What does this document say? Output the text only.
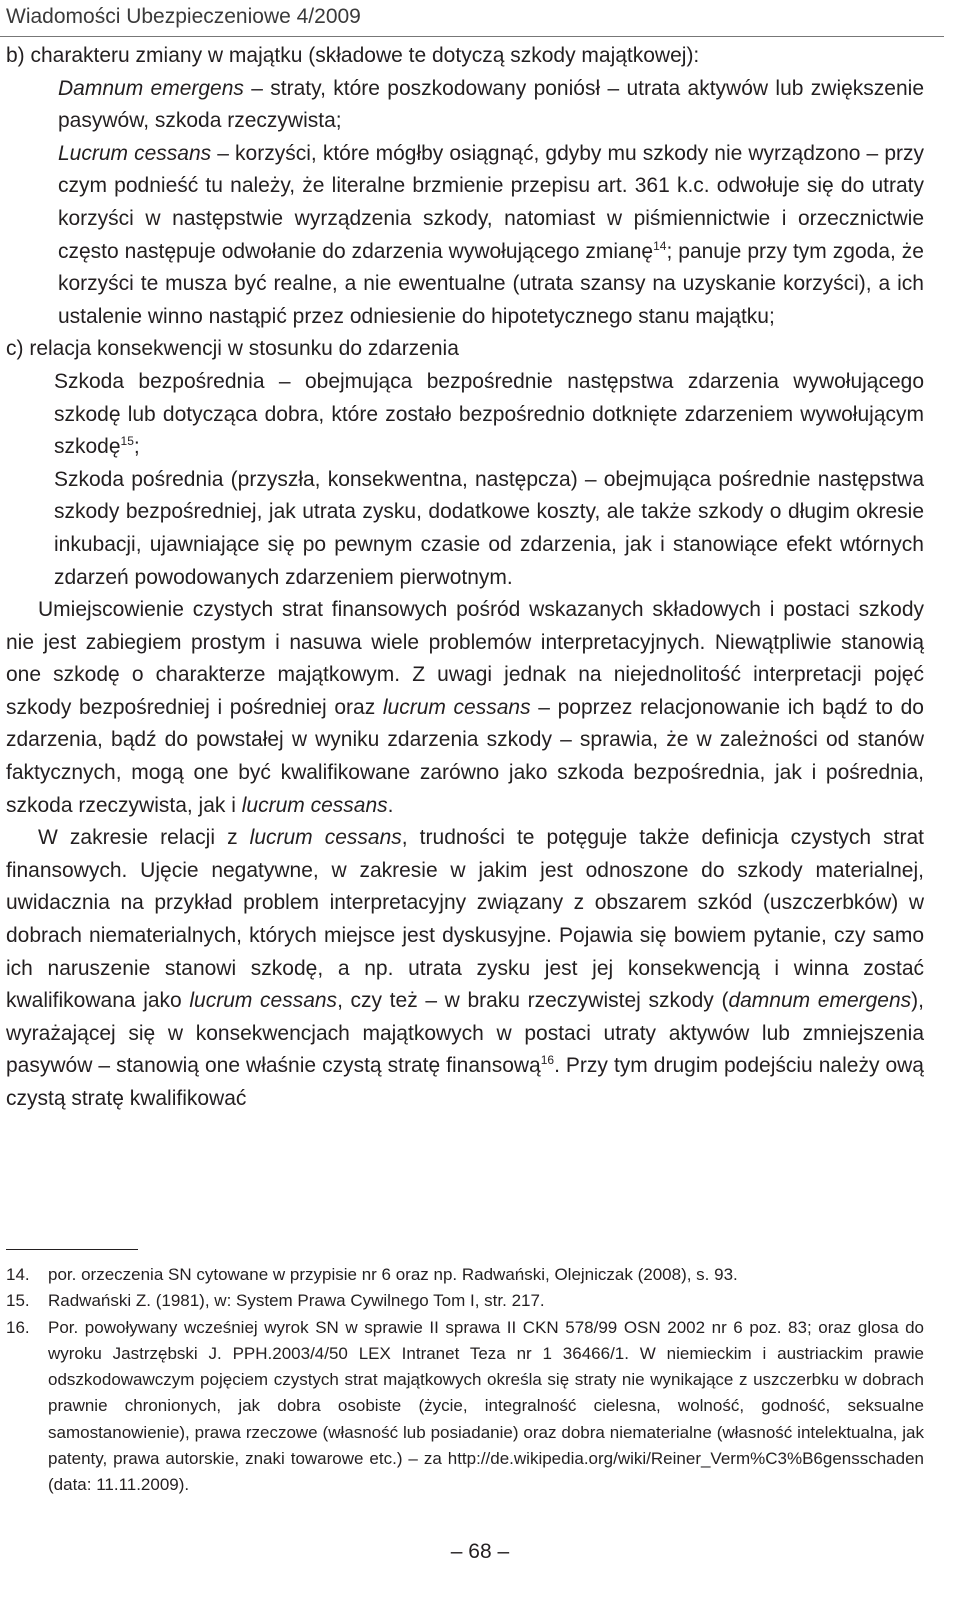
Wiadomości Ubezpieczeniowe 4/2009

b) charakteru zmiany w majątku (składowe te dotyczą szkody majątkowej):

Damnum emergens – straty, które poszkodowany poniósł – utrata aktywów lub zwiększenie pasywów, szkoda rzeczywista;

Lucrum cessans – korzyści, które mógłby osiągnąć, gdyby mu szkody nie wyrządzono – przy czym podnieść tu należy, że literalne brzmienie przepisu art. 361 k.c. odwołuje się do utraty korzyści w następstwie wyrządzenia szkody, natomiast w piśmiennictwie i orzecznictwie często następuje odwołanie do zdarzenia wywołującego zmianę$^{14}$; panuje przy tym zgoda, że korzyści te musza być realne, a nie ewentualne (utrata szansy na uzyskanie korzyści), a ich ustalenie winno nastąpić przez odniesienie do hipotetycznego stanu majątku;

c) relacja konsekwencji w stosunku do zdarzenia

Szkoda bezpośrednia – obejmująca bezpośrednie następstwa zdarzenia wywołującego szkodę lub dotycząca dobra, które zostało bezpośrednio dotknięte zdarzeniem wywołującym szkodę$^{15}$;

Szkoda pośrednia (przyszła, konsekwentna, następcza) – obejmująca pośrednie następstwa szkody bezpośredniej, jak utrata zysku, dodatkowe koszty, ale także szkody o długim okresie inkubacji, ujawniające się po pewnym czasie od zdarzenia, jak i stanowiące efekt wtórnych zdarzeń powodowanych zdarzeniem pierwotnym.

Umiejscowienie czystych strat finansowych pośród wskazanych składowych i postaci szkody nie jest zabiegiem prostym i nasuwa wiele problemów interpretacyjnych. Niewątpliwie stanowią one szkodę o charakterze majątkowym. Z uwagi jednak na niejednolitość interpretacji pojęć szkody bezpośredniej i pośredniej oraz lucrum cessans – poprzez relacjonowanie ich bądź to do zdarzenia, bądź do powstałej w wyniku zdarzenia szkody – sprawia, że w zależności od stanów faktycznych, mogą one być kwalifikowane zarówno jako szkoda bezpośrednia, jak i pośrednia, szkoda rzeczywista, jak i lucrum cessans.

W zakresie relacji z lucrum cessans, trudności te potęguje także definicja czystych strat finansowych. Ujęcie negatywne, w zakresie w jakim jest odnoszone do szkody materialnej, uwidacznia na przykład problem interpretacyjny związany z obszarem szkód (uszczerbków) w dobrach niematerialnych, których miejsce jest dyskusyjne. Pojawia się bowiem pytanie, czy samo ich naruszenie stanowi szkodę, a np. utrata zysku jest jej konsekwencją i winna zostać kwalifikowana jako lucrum cessans, czy też – w braku rzeczywistej szkody (damnum emergens), wyrażającej się w konsekwencjach majątkowych w postaci utraty aktywów lub zmniejszenia pasywów – stanowią one właśnie czystą stratę finansową$^{16}$. Przy tym drugim podejściu należy ową czystą stratę kwalifikować

14. por. orzeczenia SN cytowane w przypisie nr 6 oraz np. Radwański, Olejniczak (2008), s. 93.
15. Radwański Z. (1981), w: System Prawa Cywilnego Tom I, str. 217.
16. Por. powoływany wcześniej wyrok SN w sprawie II sprawa II CKN 578/99 OSN 2002 nr 6 poz. 83; oraz glosa do wyroku Jastrzębski J. PPH.2003/4/50 LEX Intranet Teza nr 1 36466/1. W niemieckim i austriackim prawie odszkodowawczym pojęciem czystych strat majątkowych określa się straty nie wynikające z uszczerbku w dobrach prawnie chronionych, jak dobra osobiste (życie, integralność cielesna, wolność, godność, seksualne samostanowienie), prawa rzeczowe (własność lub posiadanie) oraz dobra niematerialne (własność intelektualna, jak patenty, prawa autorskie, znaki towarowe etc.) – za http://de.wikipedia.org/wiki/Reiner_Verm%C3%B6gensschaden (data: 11.11.2009).
– 68 –
